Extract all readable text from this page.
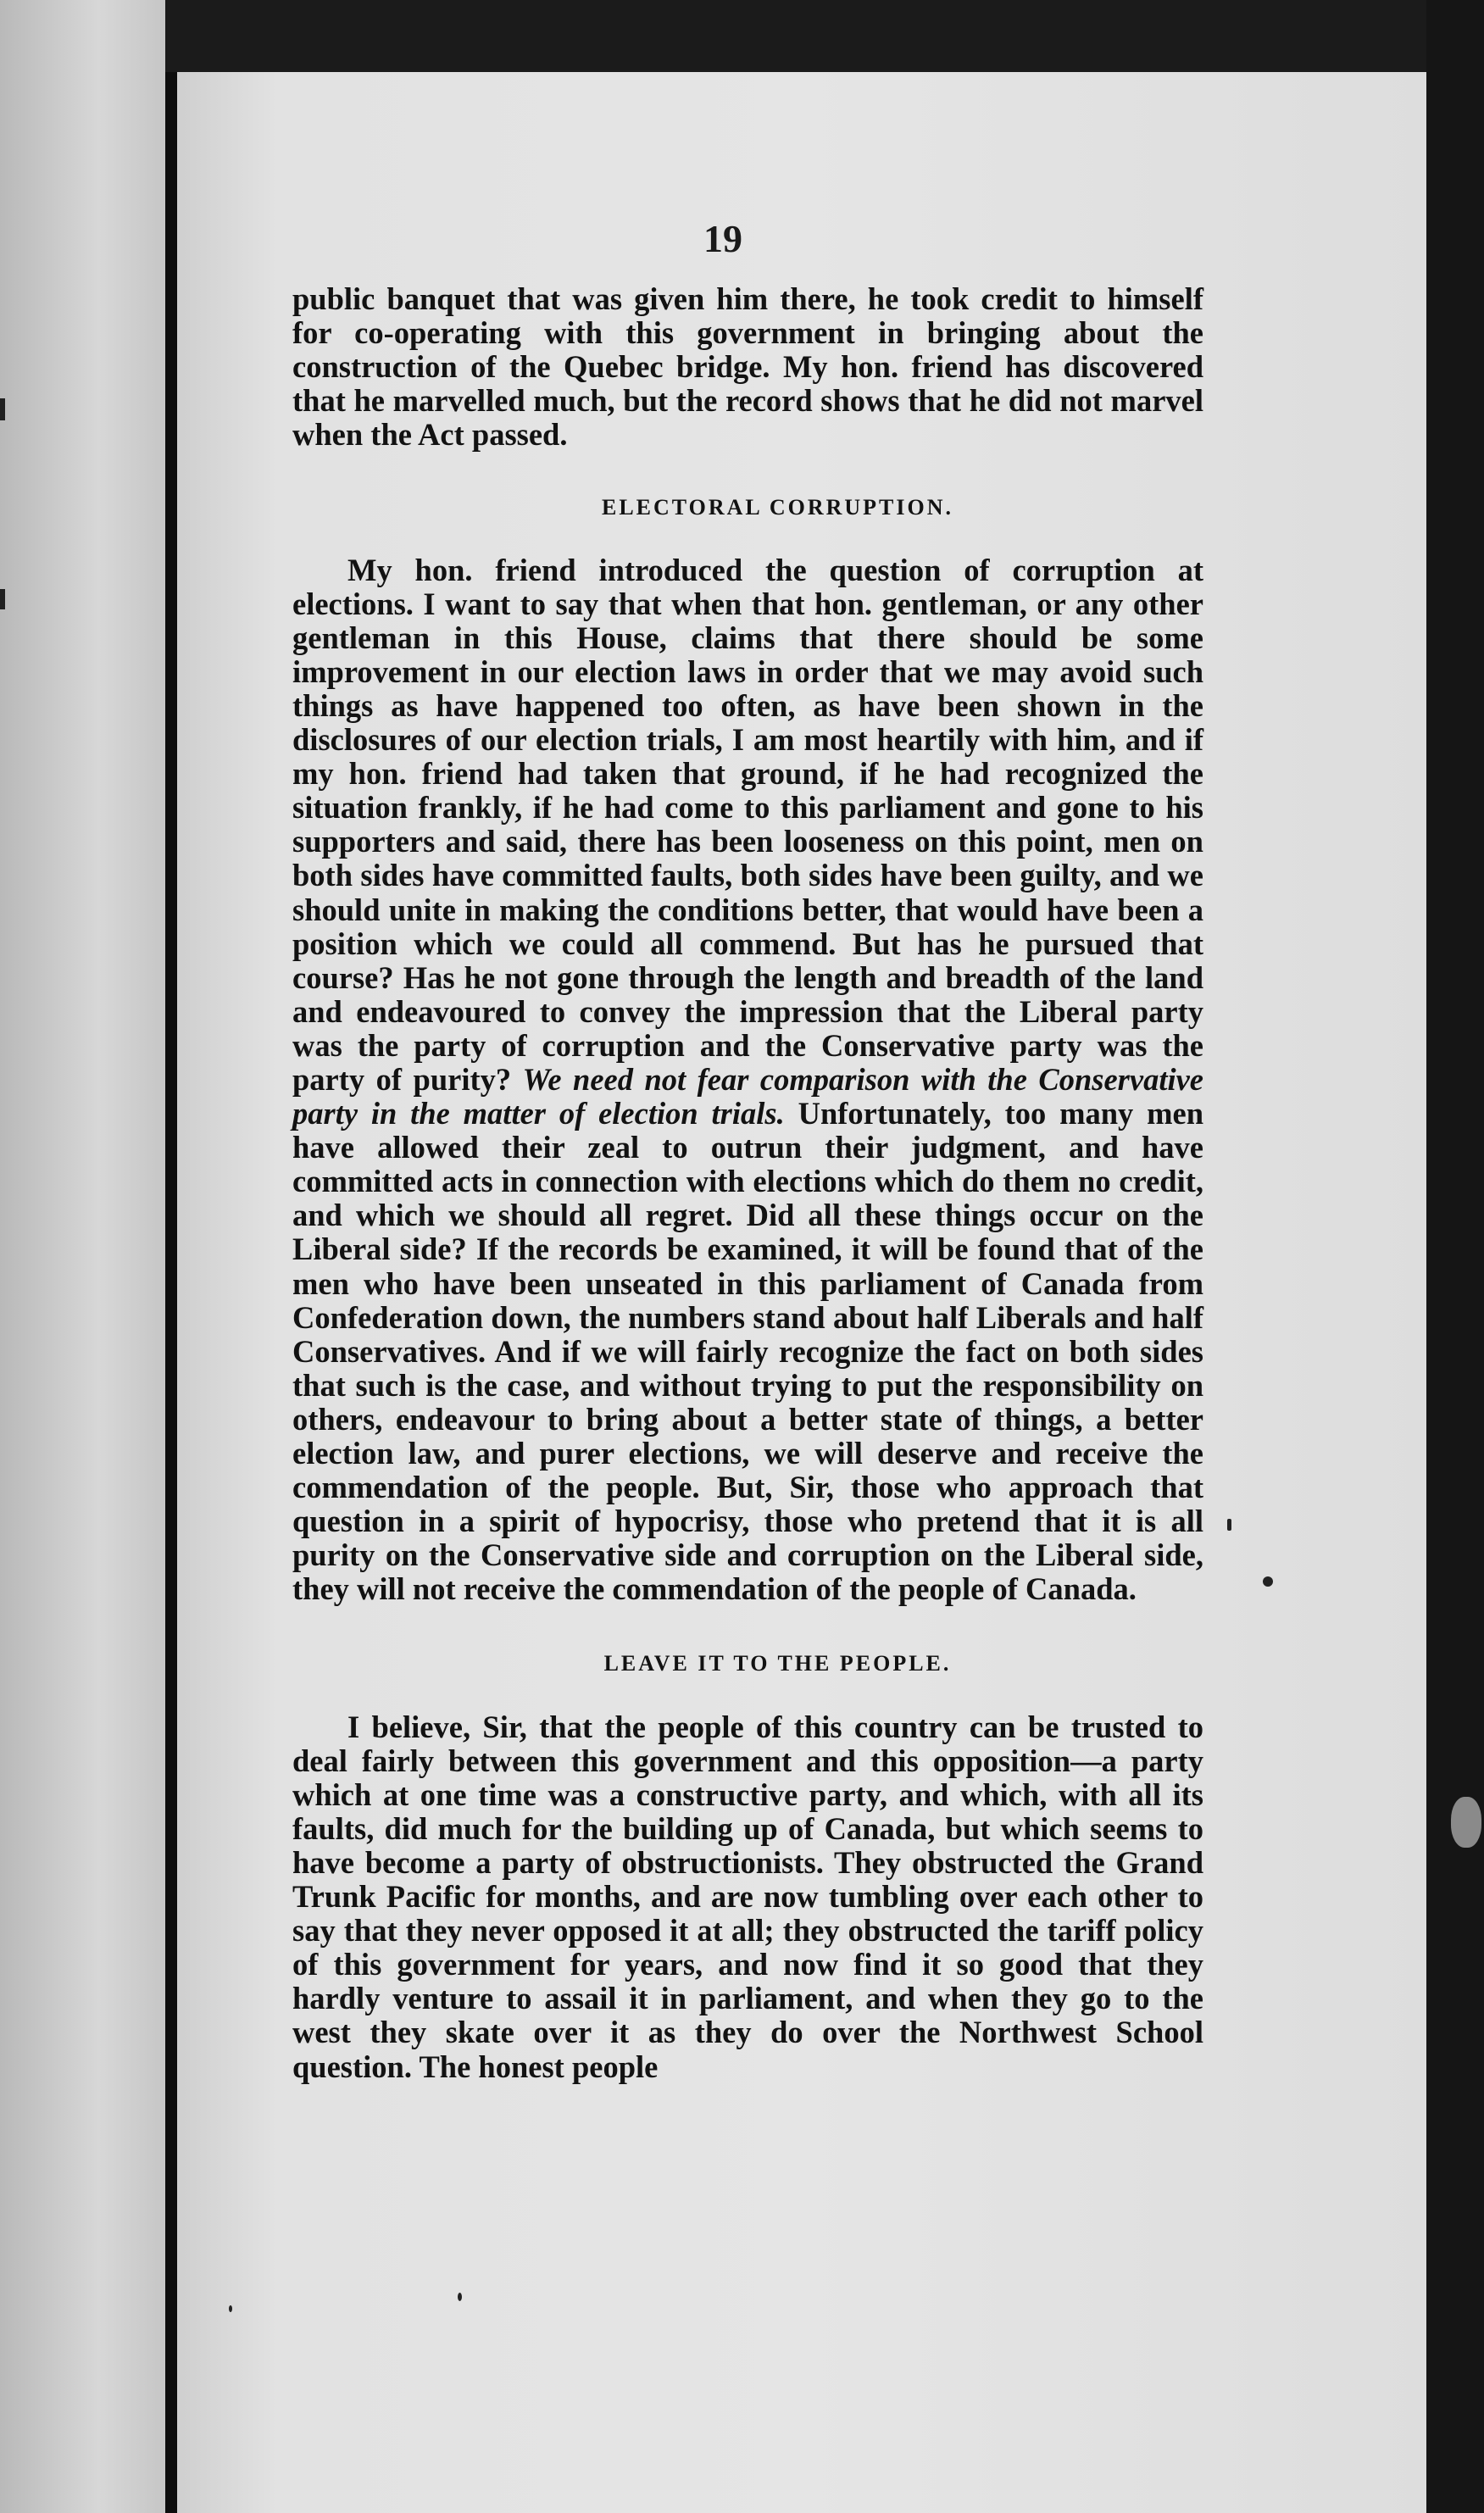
19

public banquet that was given him there, he took credit to himself for co-operating with this government in bringing about the construction of the Quebec bridge. My hon. friend has discovered that he marvelled much, but the record shows that he did not marvel when the Act passed.

ELECTORAL CORRUPTION.

My hon. friend introduced the question of corruption at elections. I want to say that when that hon. gentleman, or any other gentleman in this House, claims that there should be some improvement in our election laws in order that we may avoid such things as have happened too often, as have been shown in the disclosures of our election trials, I am most heartily with him, and if my hon. friend had taken that ground, if he had recognized the situation frankly, if he had come to this parliament and gone to his supporters and said, there has been looseness on this point, men on both sides have committed faults, both sides have been guilty, and we should unite in making the conditions better, that would have been a position which we could all commend. But has he pursued that course? Has he not gone through the length and breadth of the land and endeavoured to convey the impression that the Liberal party was the party of corruption and the Conservative party was the party of purity? We need not fear comparison with the Conservative party in the matter of election trials. Unfortunately, too many men have allowed their zeal to outrun their judgment, and have committed acts in connection with elections which do them no credit, and which we should all regret. Did all these things occur on the Liberal side? If the records be examined, it will be found that of the men who have been unseated in this parliament of Canada from Confederation down, the numbers stand about half Liberals and half Conservatives. And if we will fairly recognize the fact on both sides that such is the case, and without trying to put the responsibility on others, endeavour to bring about a better state of things, a better election law, and purer elections, we will deserve and receive the commendation of the people. But, Sir, those who approach that question in a spirit of hypocrisy, those who pretend that it is all purity on the Conservative side and corruption on the Liberal side, they will not receive the commendation of the people of Canada.

LEAVE IT TO THE PEOPLE.

I believe, Sir, that the people of this country can be trusted to deal fairly between this government and this opposition—a party which at one time was a constructive party, and which, with all its faults, did much for the building up of Canada, but which seems to have become a party of obstructionists. They obstructed the Grand Trunk Pacific for months, and are now tumbling over each other to say that they never opposed it at all; they obstructed the tariff policy of this government for years, and now find it so good that they hardly venture to assail it in parliament, and when they go to the west they skate over it as they do over the Northwest School question. The honest people
